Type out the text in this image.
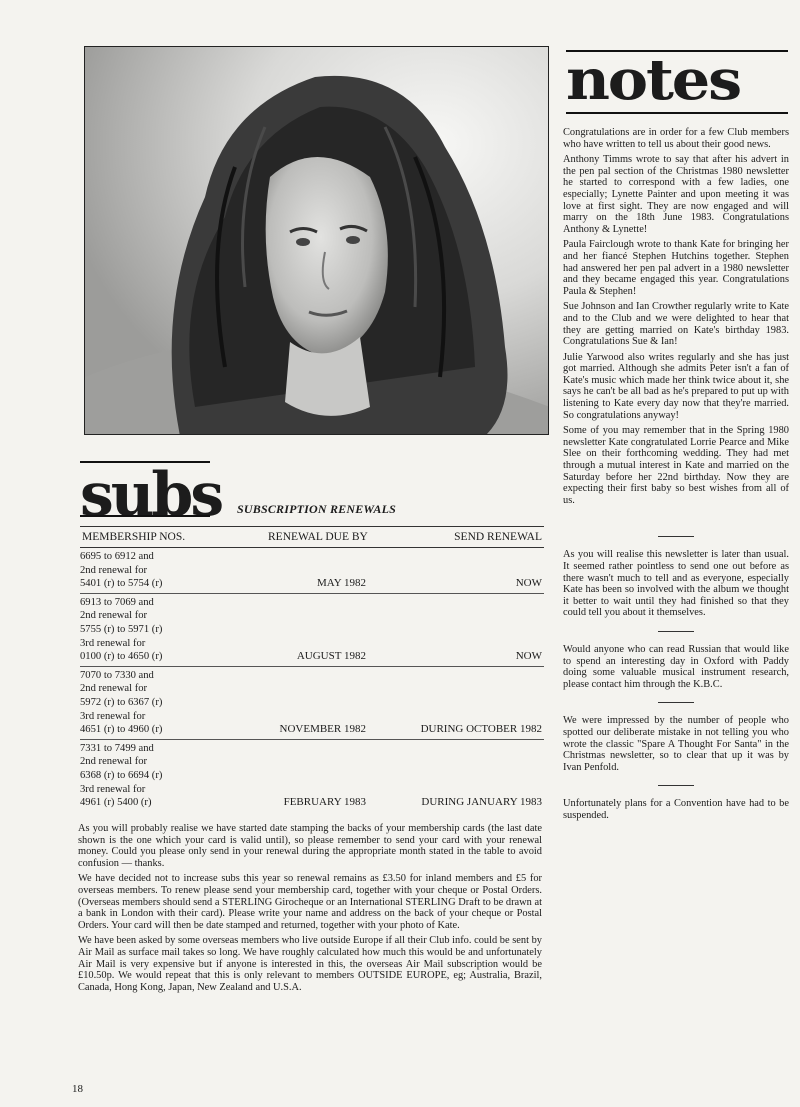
notes

Congratulations are in order for a few Club members who have written to tell us about their good news.

Anthony Timms wrote to say that after his advert in the pen pal section of the Christmas 1980 newsletter he started to correspond with a few ladies, one especially; Lynette Painter and upon meeting it was love at first sight. They are now engaged and will marry on the 18th June 1983. Congratulations Anthony & Lynette!

Paula Fairclough wrote to thank Kate for bringing her and her fiancé Stephen Hutchins together. Stephen had answered her pen pal advert in a 1980 newsletter and they became engaged this year. Congratulations Paula & Stephen!

Sue Johnson and Ian Crowther regularly write to Kate and to the Club and we were delighted to hear that they are getting married on Kate's birthday 1983. Congratulations Sue & Ian!

Julie Yarwood also writes regularly and she has just got married. Although she admits Peter isn't a fan of Kate's music which made her think twice about it, she says he can't be all bad as he's prepared to put up with listening to Kate every day now that they're married. So congratulations anyway!

Some of you may remember that in the Spring 1980 newsletter Kate congratulated Lorrie Pearce and Mike Slee on their forthcoming wedding. They had met through a mutual interest in Kate and married on the Saturday before her 22nd birthday. Now they are expecting their first baby so best wishes from all of us.

As you will realise this newsletter is later than usual. It seemed rather pointless to send one out before as there wasn't much to tell and as everyone, especially Kate has been so involved with the album we thought it better to wait until they had finished so that they could tell you about it themselves.

Would anyone who can read Russian that would like to spend an interesting day in Oxford with Paddy doing some valuable musical instrument research, please contact him through the K.B.C.

We were impressed by the number of people who spotted our deliberate mistake in not telling you who wrote the classic "Spare A Thought For Santa" in the Christmas newsletter, so to clear that up it was by Ivan Penfold.

Unfortunately plans for a Convention have had to be suspended.

subs SUBSCRIPTION RENEWALS
MEMBERSHIP NOS.	RENEWAL DUE BY	SEND RENEWAL
6695 to 6912 and
2nd renewal for
5401 (r) to 5754 (r)	MAY 1982	NOW
6913 to 7069 and
2nd renewal for
5755 (r) to 5971 (r)
3rd renewal for
0100 (r) to 4650 (r)	AUGUST 1982	NOW
7070 to 7330 and
2nd renewal for
5972 (r) to 6367 (r)
3rd renewal for
4651 (r) to 4960 (r)	NOVEMBER 1982	DURING OCTOBER 1982
7331 to 7499 and
2nd renewal for
6368 (r) to 6694 (r)
3rd renewal for
4961 (r) 5400 (r)	FEBRUARY 1983	DURING JANUARY 1983

As you will probably realise we have started date stamping the backs of your membership cards (the last date shown is the one which your card is valid until), so please remember to send your card with your renewal money. Could you please only send in your renewal during the appropriate month stated in the table to avoid confusion — thanks.

We have decided not to increase subs this year so renewal remains as £3.50 for inland members and £5 for overseas members. To renew please send your membership card, together with your cheque or Postal Orders. (Overseas members should send a STERLING Girocheque or an International STERLING Draft to be drawn at a bank in London with their card). Please write your name and address on the back of your cheque or Postal Orders. Your card will then be date stamped and returned, together with your photo of Kate.

We have been asked by some overseas members who live outside Europe if all their Club info. could be sent by Air Mail as surface mail takes so long. We have roughly calculated how much this would be and unfortunately Air Mail is very expensive but if anyone is interested in this, the overseas Air Mail subscription would be £10.50p. We would repeat that this is only relevant to members OUTSIDE EUROPE, eg; Australia, Brazil, Canada, Hong Kong, Japan, New Zealand and U.S.A.

18
